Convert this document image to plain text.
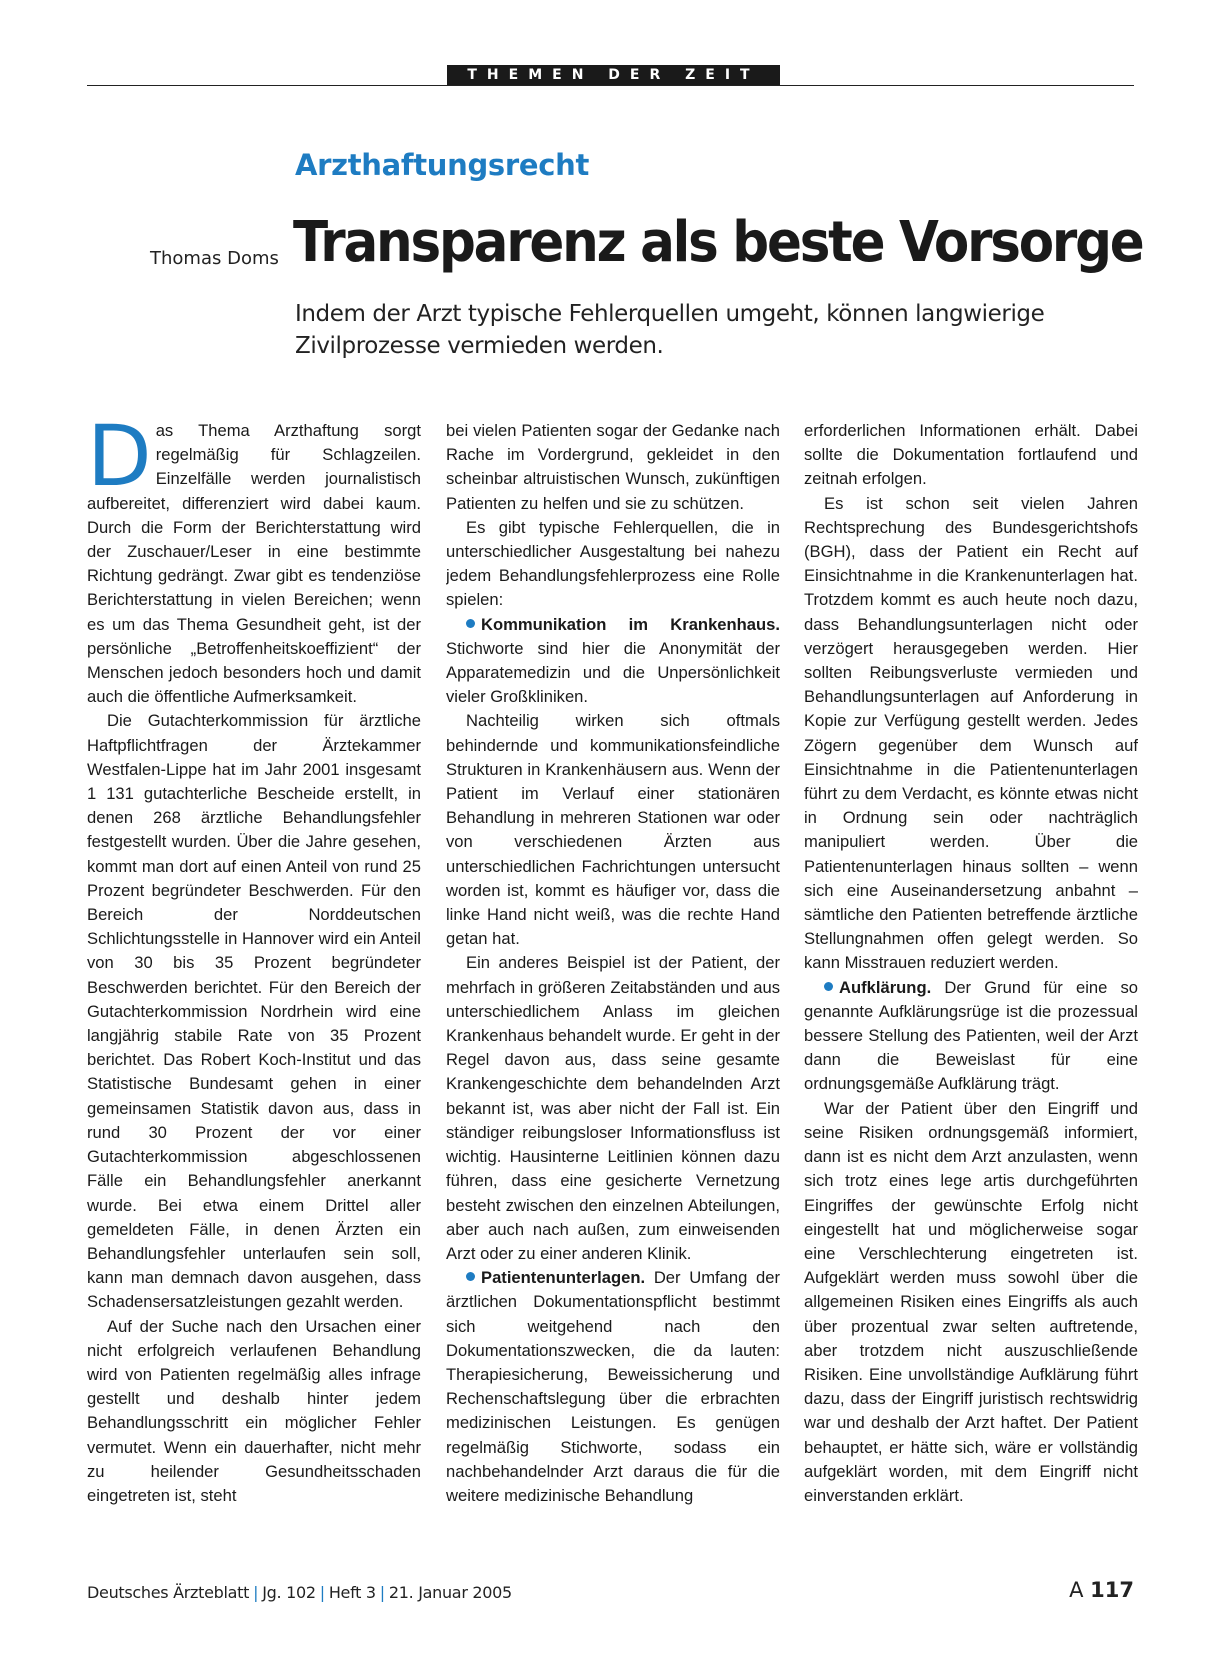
THEMEN DER ZEIT
Arzthaftungsrecht
Thomas Doms Transparenz als beste Vorsorge
Indem der Arzt typische Fehlerquellen umgeht, können langwierige Zivilprozesse vermieden werden.

Das Thema Arzthaftung sorgt regelmäßig für Schlagzeilen. Einzelfälle werden journalistisch aufbereitet, differenziert wird dabei kaum. Durch die Form der Berichterstattung wird der Zuschauer/Leser in eine bestimmte Richtung gedrängt. Zwar gibt es tendenziöse Berichterstattung in vielen Bereichen; wenn es um das Thema Gesundheit geht, ist der persönliche „Betroffenheitskoeffizient“ der Menschen jedoch besonders hoch und damit auch die öffentliche Aufmerksamkeit.

Die Gutachterkommission für ärztliche Haftpflichtfragen der Ärztekammer Westfalen-Lippe hat im Jahr 2001 insgesamt 1 131 gutachterliche Bescheide erstellt, in denen 268 ärztliche Behandlungsfehler festgestellt wurden. Über die Jahre gesehen, kommt man dort auf einen Anteil von rund 25 Prozent begründeter Beschwerden. Für den Bereich der Norddeutschen Schlichtungsstelle in Hannover wird ein Anteil von 30 bis 35 Prozent begründeter Beschwerden berichtet. Für den Bereich der Gutachterkommission Nordrhein wird eine langjährig stabile Rate von 35 Prozent berichtet. Das Robert Koch-Institut und das Statistische Bundesamt gehen in einer gemeinsamen Statistik davon aus, dass in rund 30 Prozent der vor einer Gutachterkommission abgeschlossenen Fälle ein Behandlungsfehler anerkannt wurde. Bei etwa einem Drittel aller gemeldeten Fälle, in denen Ärzten ein Behandlungsfehler unterlaufen sein soll, kann man demnach davon ausgehen, dass Schadensersatzleistungen gezahlt werden.

Auf der Suche nach den Ursachen einer nicht erfolgreich verlaufenen Behandlung wird von Patienten regelmäßig alles infrage gestellt und deshalb hinter jedem Behandlungsschritt ein möglicher Fehler vermutet. Wenn ein dauerhafter, nicht mehr zu heilender Gesundheitsschaden eingetreten ist, steht

bei vielen Patienten sogar der Gedanke nach Rache im Vordergrund, gekleidet in den scheinbar altruistischen Wunsch, zukünftigen Patienten zu helfen und sie zu schützen.

Es gibt typische Fehlerquellen, die in unterschiedlicher Ausgestaltung bei nahezu jedem Behandlungsfehlerprozess eine Rolle spielen:

Kommunikation im Krankenhaus. Stichworte sind hier die Anonymität der Apparatemedizin und die Unpersönlichkeit vieler Großkliniken.

Nachteilig wirken sich oftmals behindernde und kommunikationsfeindliche Strukturen in Krankenhäusern aus. Wenn der Patient im Verlauf einer stationären Behandlung in mehreren Stationen war oder von verschiedenen Ärzten aus unterschiedlichen Fachrichtungen untersucht worden ist, kommt es häufiger vor, dass die linke Hand nicht weiß, was die rechte Hand getan hat.

Ein anderes Beispiel ist der Patient, der mehrfach in größeren Zeitabständen und aus unterschiedlichem Anlass im gleichen Krankenhaus behandelt wurde. Er geht in der Regel davon aus, dass seine gesamte Krankengeschichte dem behandelnden Arzt bekannt ist, was aber nicht der Fall ist. Ein ständiger reibungsloser Informationsfluss ist wichtig. Hausinterne Leitlinien können dazu führen, dass eine gesicherte Vernetzung besteht zwischen den einzelnen Abteilungen, aber auch nach außen, zum einweisenden Arzt oder zu einer anderen Klinik.

Patientenunterlagen. Der Umfang der ärztlichen Dokumentationspflicht bestimmt sich weitgehend nach den Dokumentationszwecken, die da lauten: Therapiesicherung, Beweissicherung und Rechenschaftslegung über die erbrachten medizinischen Leistungen. Es genügen regelmäßig Stichworte, sodass ein nachbehandelnder Arzt daraus die für die weitere medizinische Behandlung

erforderlichen Informationen erhält. Dabei sollte die Dokumentation fortlaufend und zeitnah erfolgen.

Es ist schon seit vielen Jahren Rechtsprechung des Bundesgerichtshofs (BGH), dass der Patient ein Recht auf Einsichtnahme in die Krankenunterlagen hat. Trotzdem kommt es auch heute noch dazu, dass Behandlungsunterlagen nicht oder verzögert herausgegeben werden. Hier sollten Reibungsverluste vermieden und Behandlungsunterlagen auf Anforderung in Kopie zur Verfügung gestellt werden. Jedes Zögern gegenüber dem Wunsch auf Einsichtnahme in die Patientenunterlagen führt zu dem Verdacht, es könnte etwas nicht in Ordnung sein oder nachträglich manipuliert werden. Über die Patientenunterlagen hinaus sollten – wenn sich eine Auseinandersetzung anbahnt – sämtliche den Patienten betreffende ärztliche Stellungnahmen offen gelegt werden. So kann Misstrauen reduziert werden.

Aufklärung. Der Grund für eine so genannte Aufklärungsrüge ist die prozessual bessere Stellung des Patienten, weil der Arzt dann die Beweislast für eine ordnungsgemäße Aufklärung trägt.

War der Patient über den Eingriff und seine Risiken ordnungsgemäß informiert, dann ist es nicht dem Arzt anzulasten, wenn sich trotz eines lege artis durchgeführten Eingriffes der gewünschte Erfolg nicht eingestellt hat und möglicherweise sogar eine Verschlechterung eingetreten ist. Aufgeklärt werden muss sowohl über die allgemeinen Risiken eines Eingriffs als auch über prozentual zwar selten auftretende, aber trotzdem nicht auszuschließende Risiken. Eine unvollständige Aufklärung führt dazu, dass der Eingriff juristisch rechtswidrig war und deshalb der Arzt haftet. Der Patient behauptet, er hätte sich, wäre er vollständig aufgeklärt worden, mit dem Eingriff nicht einverstanden erklärt.

Deutsches Ärzteblatt | Jg. 102 | Heft 3 | 21. Januar 2005	A 117
